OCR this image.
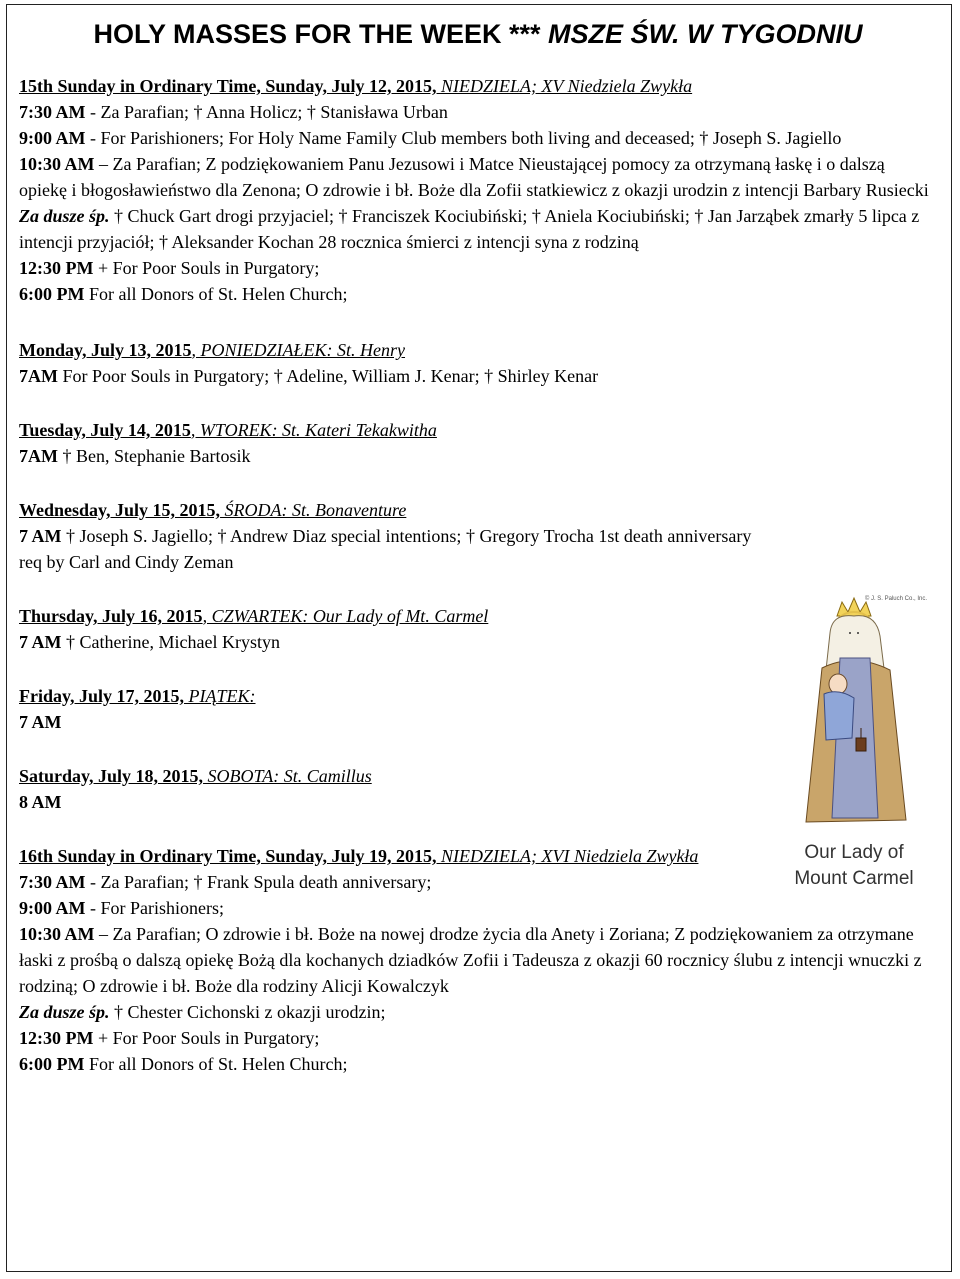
HOLY MASSES FOR THE WEEK *** MSZE ŚW. W TYGODNIU
15th Sunday in Ordinary Time, Sunday, July 12, 2015, NIEDZIELA; XV Niedziela Zwykła
7:30 AM - Za Parafian; † Anna Holicz; † Stanisława Urban
9:00 AM - For Parishioners; For Holy Name Family Club members both living and deceased; † Joseph S. Jagiello
10:30 AM – Za Parafian; Z podziękowaniem Panu Jezusowi i Matce Nieustającej pomocy za otrzymaną łaskę i o dalszą opiekę i błogosławieństwo dla Zenona; O zdrowie i bł. Boże dla Zofii statkiewicz z okazji urodzin z intencji Barbary Rusiecki
Za dusze śp. † Chuck Gart drogi przyjaciel; † Franciszek Kociubiński; † Aniela Kociubiński; † Jan Jarząbek zmarły 5 lipca z intencji przyjaciół; † Aleksander Kochan 28 rocznica śmierci z intencji syna z rodziną
12:30 PM + For Poor Souls in Purgatory;
6:00 PM For all Donors of St. Helen Church;
Monday, July 13, 2015, PONIEDZIAŁEK: St. Henry
7AM For Poor Souls in Purgatory; † Adeline, William J. Kenar; † Shirley Kenar
Tuesday, July 14, 2015, WTOREK: St. Kateri Tekakwitha
7AM † Ben, Stephanie Bartosik
Wednesday, July 15, 2015, ŚRODA: St. Bonaventure
7 AM † Joseph S. Jagiello; † Andrew Diaz special intentions; † Gregory Trocha 1st death anniversary req by Carl and Cindy Zeman
Thursday, July 16, 2015, CZWARTEK: Our Lady of Mt. Carmel
7 AM † Catherine, Michael Krystyn
Friday, July 17, 2015, PIĄTEK:
7 AM
Saturday, July 18, 2015, SOBOTA: St. Camillus
8 AM
16th Sunday in Ordinary Time, Sunday, July 19, 2015, NIEDZIELA; XVI Niedziela Zwykła
7:30 AM - Za Parafian; † Frank Spula death anniversary;
9:00 AM - For Parishioners;
10:30 AM – Za Parafian; O zdrowie i bł. Boże na nowej drodze życia dla Anety i Zoriana; Z podziękowaniem za otrzymane łaski z prośbą o dalszą opiekę Bożą dla kochanych dziadków Zofii i Tadeusza z okazji 60 rocznicy ślubu z intencji wnuczki z rodziną; O zdrowie i bł. Boże dla rodziny Alicji Kowalczyk
Za dusze śp. † Chester Cichonski z okazji urodzin;
12:30 PM + For Poor Souls in Purgatory;
6:00 PM For all Donors of St. Helen Church;
© J. S. Paluch Co., Inc.
Our Lady of
Mount Carmel
